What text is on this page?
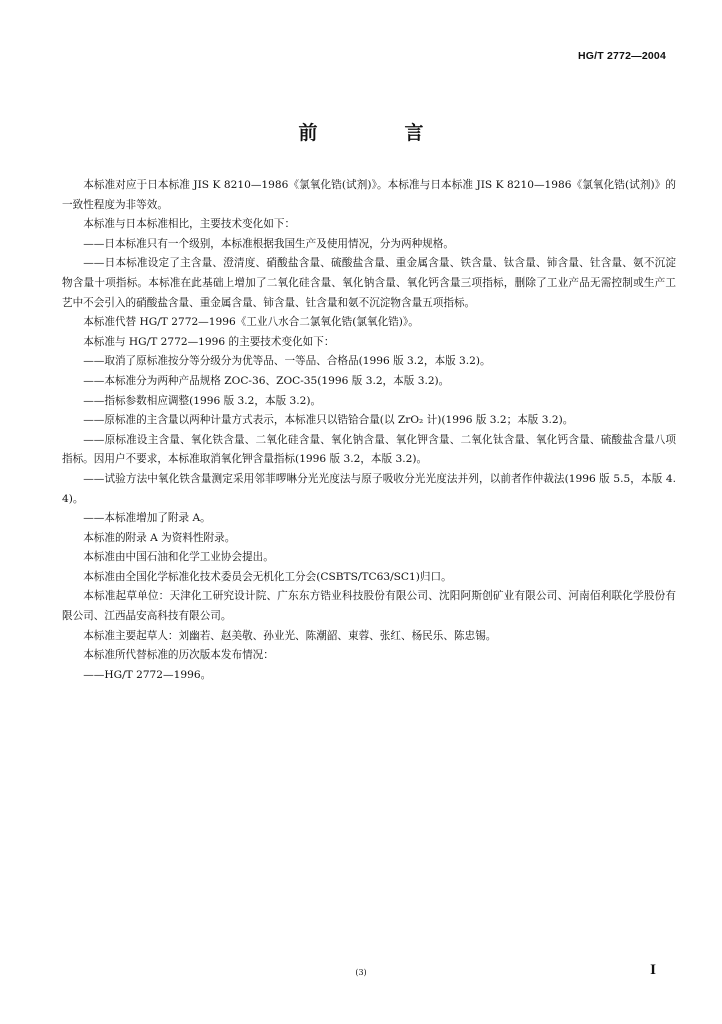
HG/T 2772—2004
前　言

本标准对应于日本标准 JIS K 8210—1986《氯氧化锆(试剂)》。本标准与日本标准 JIS K 8210—1986《氯氧化锆(试剂)》的一致性程度为非等效。

本标准与日本标准相比，主要技术变化如下：

——日本标准只有一个级别，本标准根据我国生产及使用情况，分为两种规格。

——日本标准设定了主含量、澄清度、硝酸盐含量、硫酸盐含量、重金属含量、铁含量、钛含量、铈含量、钍含量、氨不沉淀物含量十项指标。本标准在此基础上增加了二氧化硅含量、氧化钠含量、氧化钙含量三项指标，删除了工业产品无需控制或生产工艺中不会引入的硝酸盐含量、重金属含量、铈含量、钍含量和氨不沉淀物含量五项指标。

本标准代替 HG/T 2772—1996《工业八水合二氯氧化锆(氯氧化锆)》。

本标准与 HG/T 2772—1996 的主要技术变化如下：

——取消了原标准按分等分级分为优等品、一等品、合格品(1996 版 3.2，本版 3.2)。

——本标准分为两种产品规格 ZOC-36、ZOC-35(1996 版 3.2，本版 3.2)。

——指标参数相应调整(1996 版 3.2，本版 3.2)。

——原标准的主含量以两种计量方式表示，本标准只以锆铪合量(以 ZrO₂ 计)(1996 版 3.2；本版 3.2)。

——原标准设主含量、氧化铁含量、二氧化硅含量、氧化钠含量、氧化钾含量、二氧化钛含量、氧化钙含量、硫酸盐含量八项指标。因用户不要求，本标准取消氧化钾含量指标(1996 版 3.2，本版 3.2)。

——试验方法中氧化铁含量测定采用邻菲啰啉分光光度法与原子吸收分光光度法并列，以前者作仲裁法(1996 版 5.5，本版 4.4)。

——本标准增加了附录 A。

本标准的附录 A 为资料性附录。

本标准由中国石油和化学工业协会提出。

本标准由全国化学标准化技术委员会无机化工分会(CSBTS/TC63/SC1)归口。

本标准起草单位：天津化工研究设计院、广东东方锆业科技股份有限公司、沈阳阿斯创矿业有限公司、河南佰利联化学股份有限公司、江西晶安高科技有限公司。

本标准主要起草人：刘幽若、赵美敬、孙业光、陈潮韶、東蓉、张红、杨民乐、陈忠锡。

本标准所代替标准的历次版本发布情况：

——HG/T 2772—1996。

(3)	I
